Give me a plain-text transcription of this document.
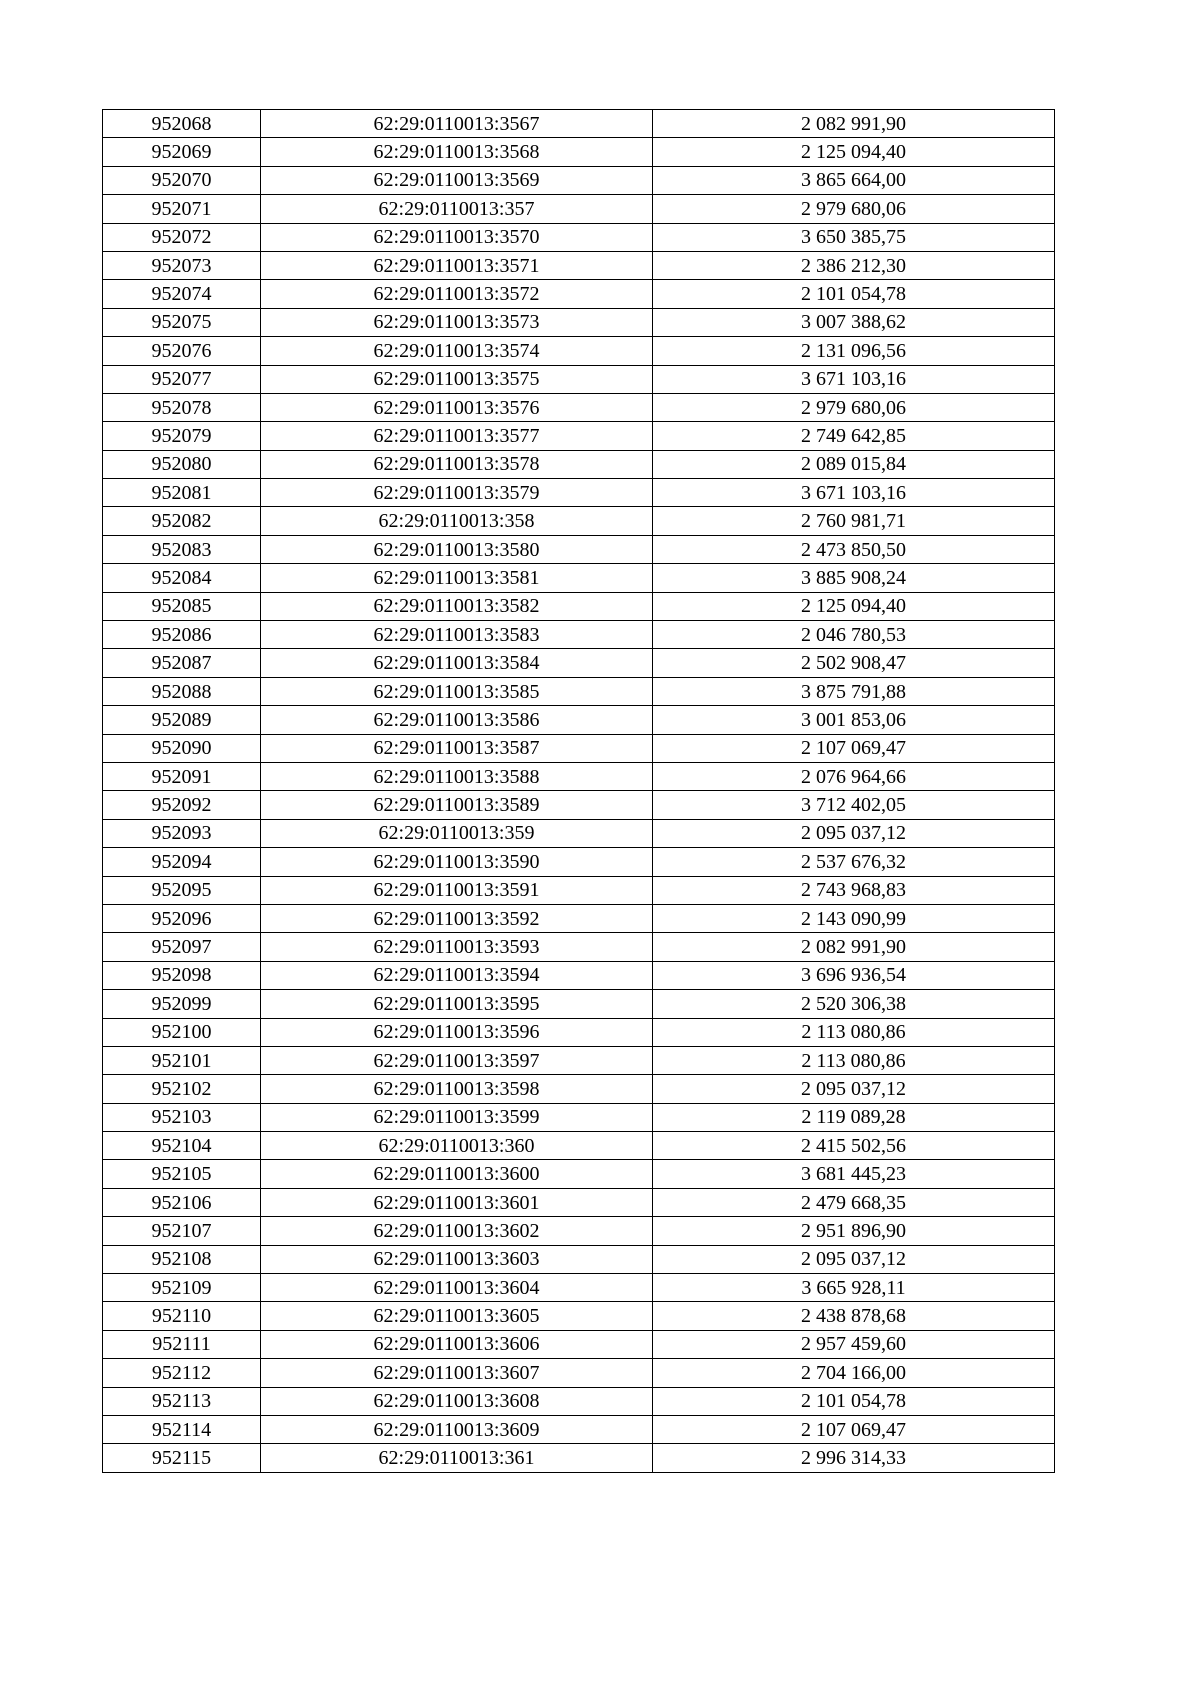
952068	62:29:0110013:3567	2 082 991,90
952069	62:29:0110013:3568	2 125 094,40
952070	62:29:0110013:3569	3 865 664,00
952071	62:29:0110013:357	2 979 680,06
952072	62:29:0110013:3570	3 650 385,75
952073	62:29:0110013:3571	2 386 212,30
952074	62:29:0110013:3572	2 101 054,78
952075	62:29:0110013:3573	3 007 388,62
952076	62:29:0110013:3574	2 131 096,56
952077	62:29:0110013:3575	3 671 103,16
952078	62:29:0110013:3576	2 979 680,06
952079	62:29:0110013:3577	2 749 642,85
952080	62:29:0110013:3578	2 089 015,84
952081	62:29:0110013:3579	3 671 103,16
952082	62:29:0110013:358	2 760 981,71
952083	62:29:0110013:3580	2 473 850,50
952084	62:29:0110013:3581	3 885 908,24
952085	62:29:0110013:3582	2 125 094,40
952086	62:29:0110013:3583	2 046 780,53
952087	62:29:0110013:3584	2 502 908,47
952088	62:29:0110013:3585	3 875 791,88
952089	62:29:0110013:3586	3 001 853,06
952090	62:29:0110013:3587	2 107 069,47
952091	62:29:0110013:3588	2 076 964,66
952092	62:29:0110013:3589	3 712 402,05
952093	62:29:0110013:359	2 095 037,12
952094	62:29:0110013:3590	2 537 676,32
952095	62:29:0110013:3591	2 743 968,83
952096	62:29:0110013:3592	2 143 090,99
952097	62:29:0110013:3593	2 082 991,90
952098	62:29:0110013:3594	3 696 936,54
952099	62:29:0110013:3595	2 520 306,38
952100	62:29:0110013:3596	2 113 080,86
952101	62:29:0110013:3597	2 113 080,86
952102	62:29:0110013:3598	2 095 037,12
952103	62:29:0110013:3599	2 119 089,28
952104	62:29:0110013:360	2 415 502,56
952105	62:29:0110013:3600	3 681 445,23
952106	62:29:0110013:3601	2 479 668,35
952107	62:29:0110013:3602	2 951 896,90
952108	62:29:0110013:3603	2 095 037,12
952109	62:29:0110013:3604	3 665 928,11
952110	62:29:0110013:3605	2 438 878,68
952111	62:29:0110013:3606	2 957 459,60
952112	62:29:0110013:3607	2 704 166,00
952113	62:29:0110013:3608	2 101 054,78
952114	62:29:0110013:3609	2 107 069,47
952115	62:29:0110013:361	2 996 314,33
